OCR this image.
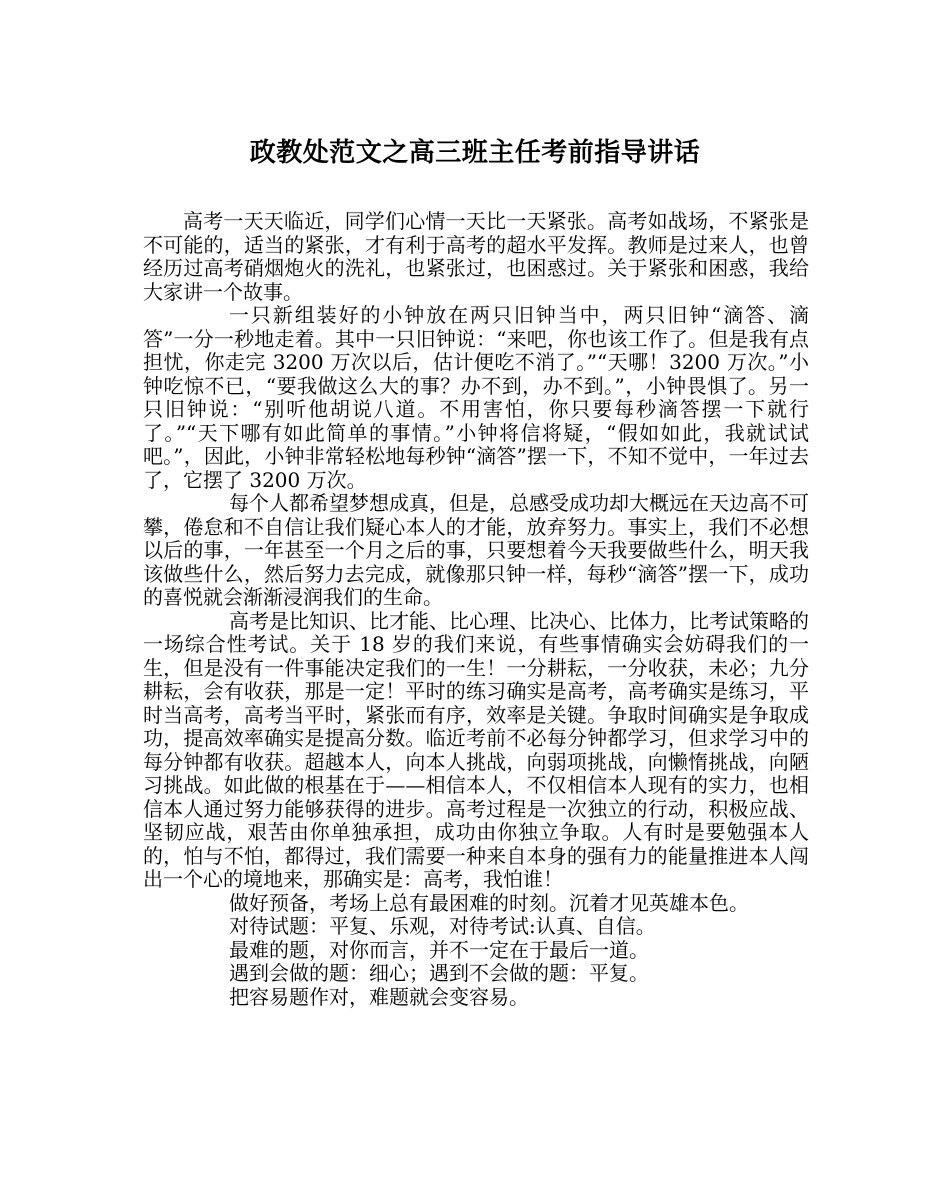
政教处范文之高三班主任考前指导讲话

高考一天天临近，同学们心情一天比一天紧张。高考如战场，不紧张是不可能的，适当的紧张，才有利于高考的超水平发挥。教师是过来人，也曾经历过高考硝烟炮火的洗礼，也紧张过，也困惑过。关于紧张和困惑，我给大家讲一个故事。

一只新组装好的小钟放在两只旧钟当中，两只旧钟“滴答、滴答”一分一秒地走着。其中一只旧钟说：“来吧，你也该工作了。但是我有点担忧，你走完 3200 万次以后，估计便吃不消了。”“天哪！3200 万次。”小钟吃惊不已，“要我做这么大的事？办不到，办不到。”，小钟畏惧了。另一只旧钟说：“别听他胡说八道。不用害怕，你只要每秒滴答摆一下就行了。”“天下哪有如此简单的事情。”小钟将信将疑，“假如如此，我就试试吧。”，因此，小钟非常轻松地每秒钟“滴答”摆一下，不知不觉中，一年过去了，它摆了 3200 万次。

每个人都希望梦想成真，但是，总感受成功却大概远在天边高不可攀，倦怠和不自信让我们疑心本人的才能，放弃努力。事实上，我们不必想以后的事，一年甚至一个月之后的事，只要想着今天我要做些什么，明天我该做些什么，然后努力去完成，就像那只钟一样，每秒“滴答”摆一下，成功的喜悦就会渐渐浸润我们的生命。

高考是比知识、比才能、比心理、比决心、比体力，比考试策略的一场综合性考试。关于 18 岁的我们来说，有些事情确实会妨碍我们的一生，但是没有一件事能决定我们的一生！一分耕耘，一分收获，未必；九分耕耘，会有收获，那是一定！平时的练习确实是高考，高考确实是练习，平时当高考，高考当平时，紧张而有序，效率是关键。争取时间确实是争取成功，提高效率确实是提高分数。临近考前不必每分钟都学习，但求学习中的每分钟都有收获。超越本人，向本人挑战，向弱项挑战，向懒惰挑战，向陋习挑战。如此做的根基在于——相信本人，不仅相信本人现有的实力，也相信本人通过努力能够获得的进步。高考过程是一次独立的行动，积极应战、坚韧应战，艰苦由你单独承担，成功由你独立争取。人有时是要勉强本人的，怕与不怕，都得过，我们需要一种来自本身的强有力的能量推进本人闯出一个心的境地来，那确实是：高考，我怕谁！

做好预备，考场上总有最困难的时刻。沉着才见英雄本色。

对待试题：平复、乐观，对待考试:认真、自信。

最难的题，对你而言，并不一定在于最后一道。

遇到会做的题：细心；遇到不会做的题：平复。

把容易题作对，难题就会变容易。
